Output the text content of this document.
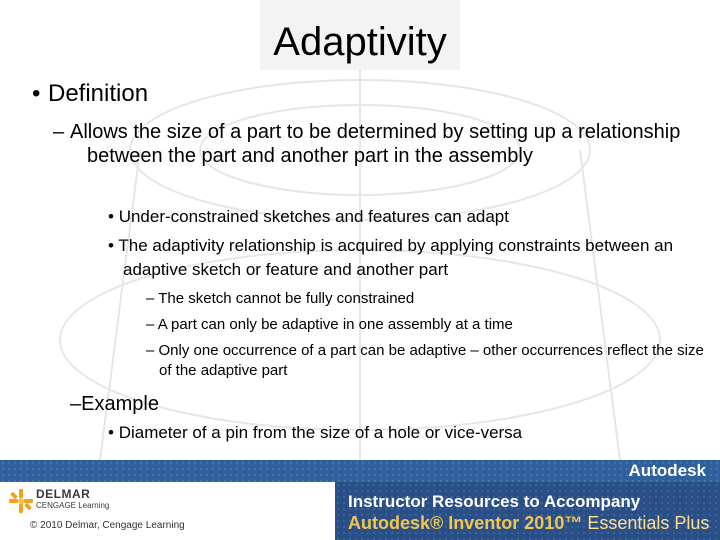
Adaptivity
• Definition
– Allows the size of a part to be determined by setting up a relationship between the part and another part in the assembly
• Under-constrained sketches and features can adapt
• The adaptivity relationship is acquired by applying constraints between an adaptive sketch or feature and another part
– The sketch cannot be fully constrained
– A part can only be adaptive in one assembly at a time
– Only one occurrence of a part can be adaptive – other occurrences reflect the size of the adaptive part
–Example
• Diameter of a pin from the size of a hole or vice-versa
Autodesk
DELMAR
CENGAGE Learning
© 2010 Delmar, Cengage Learning
Instructor Resources to Accompany
Autodesk® Inventor 2010™ Essentials Plus
